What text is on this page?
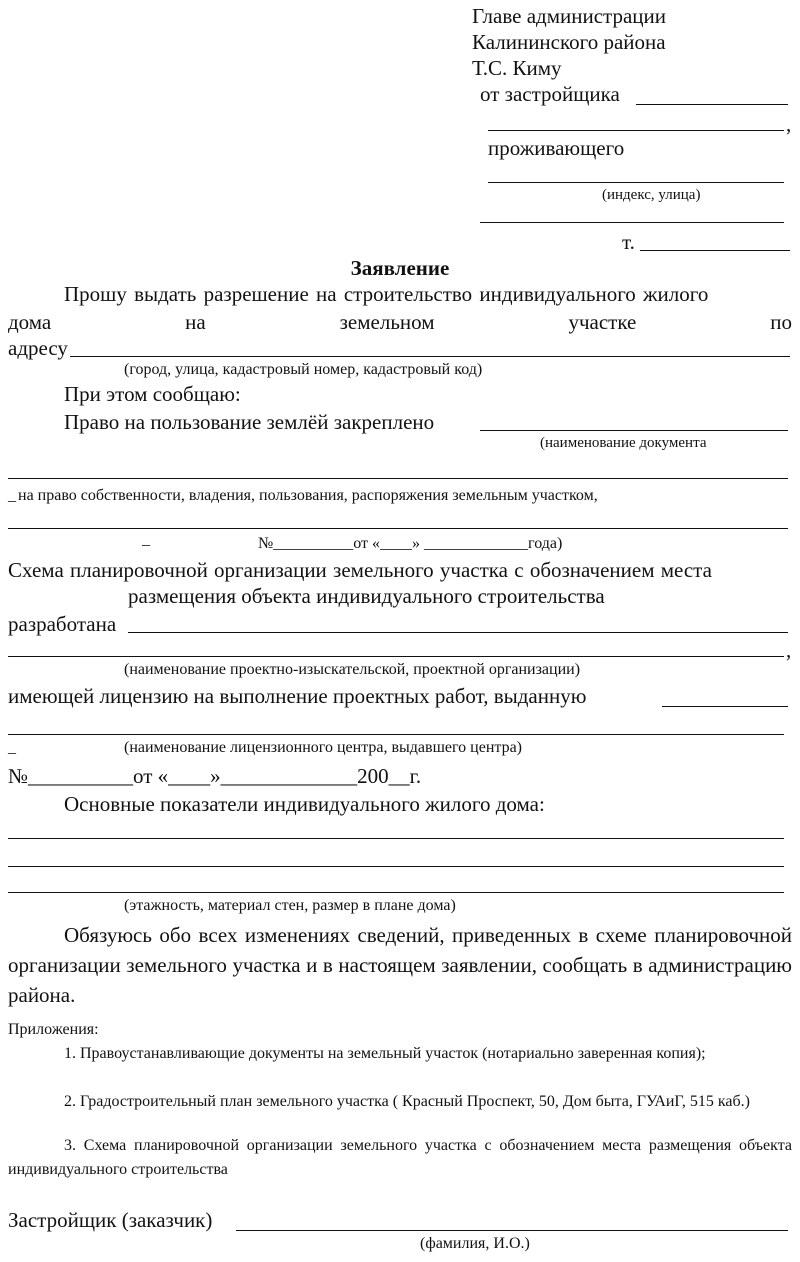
Главе администрации
Калининского района
Т.С. Киму
от застройщика
,
проживающего
(индекс, улица)
т.
Заявление
Прошу выдать разрешение на строительство индивидуального жилого
дома	на	земельном	участке	по
адресу
(город, улица, кадастровый номер, кадастровый код)
При этом сообщаю:
Право на пользование землёй закреплено
(наименование документа
_ на право собственности, владения, пользования, распоряжения земельным участком,
_	№__________от «____» _____________года)
Схема планировочной организации земельного участка с обозначением места
размещения объекта индивидуального строительства
разработана
,
(наименование проектно-изыскательской, проектной организации)
имеющей лицензию на выполнение проектных работ, выданную
_	(наименование лицензионного центра, выдавшего центра)
№__________от «____»_____________200__г.
Основные показатели индивидуального жилого дома:
(этажность, материал стен, размер в плане дома)
Обязуюсь обо всех изменениях сведений, приведенных в схеме планировочной организации земельного участка и в настоящем заявлении, сообщать в администрацию района.
Приложения:
1. Правоустанавливающие документы на земельный участок (нотариально заверенная копия);
2. Градостроительный план земельного участка ( Красный Проспект, 50, Дом быта, ГУАиГ, 515 каб.)
3. Схема планировочной организации земельного участка с обозначением места размещения объекта индивидуального строительства
Застройщик (заказчик)
(фамилия, И.О.)
